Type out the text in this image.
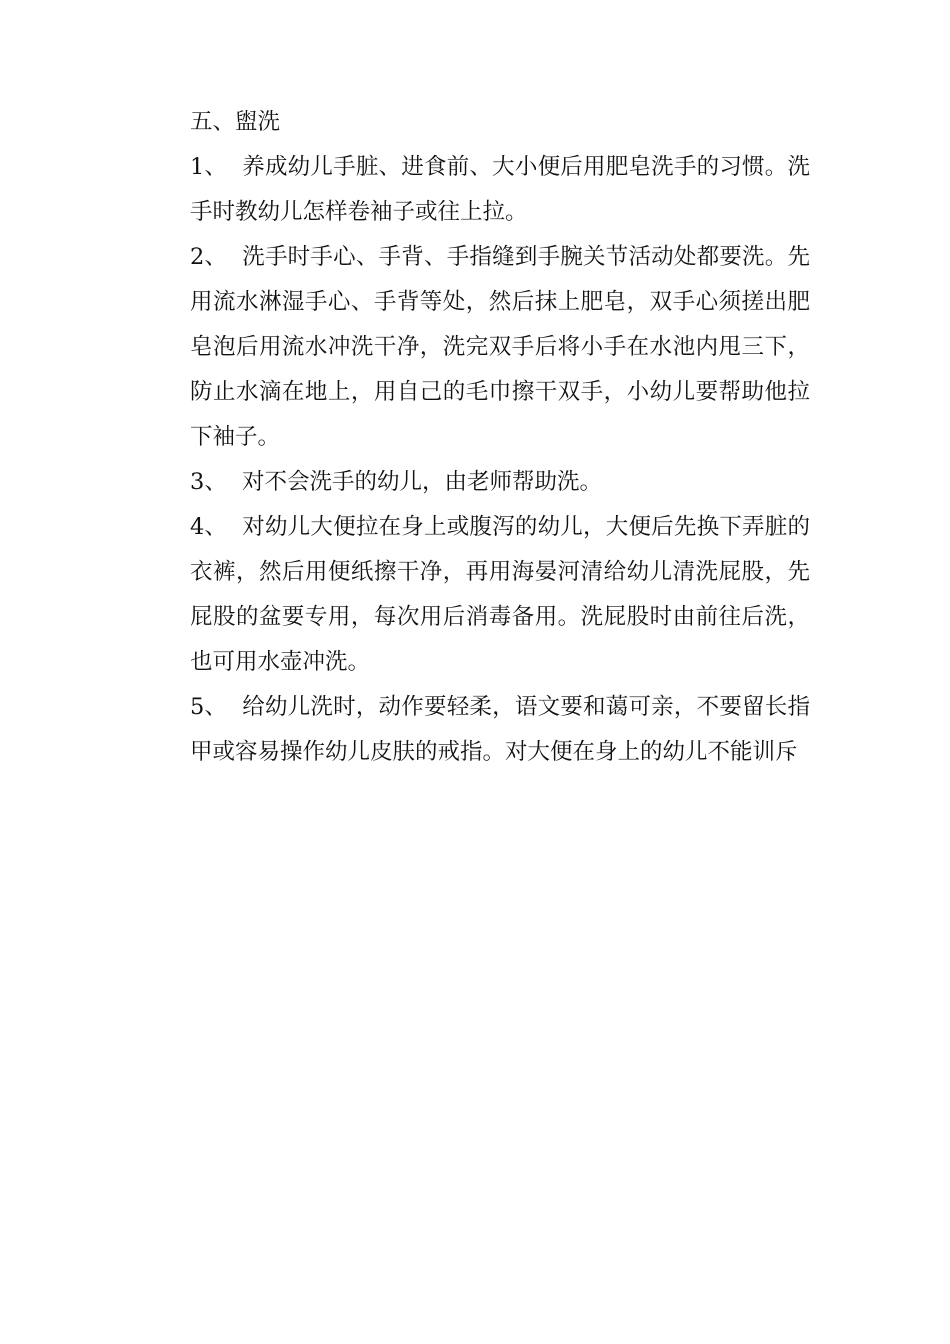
五、盥洗

1、 养成幼儿手脏、进食前、大小便后用肥皂洗手的习惯。洗手时教幼儿怎样卷袖子或往上拉。

2、 洗手时手心、手背、手指缝到手腕关节活动处都要洗。先用流水淋湿手心、手背等处，然后抹上肥皂，双手心须搓出肥皂泡后用流水冲洗干净，洗完双手后将小手在水池内甩三下，防止水滴在地上，用自己的毛巾擦干双手，小幼儿要帮助他拉下袖子。

3、 对不会洗手的幼儿，由老师帮助洗。

4、 对幼儿大便拉在身上或腹泻的幼儿，大便后先换下弄脏的衣裤，然后用便纸擦干净，再用海晏河清给幼儿清洗屁股，先屁股的盆要专用，每次用后消毒备用。洗屁股时由前往后洗，也可用水壶冲洗。

5、 给幼儿洗时，动作要轻柔，语文要和蔼可亲，不要留长指甲或容易操作幼儿皮肤的戒指。对大便在身上的幼儿不能训斥
